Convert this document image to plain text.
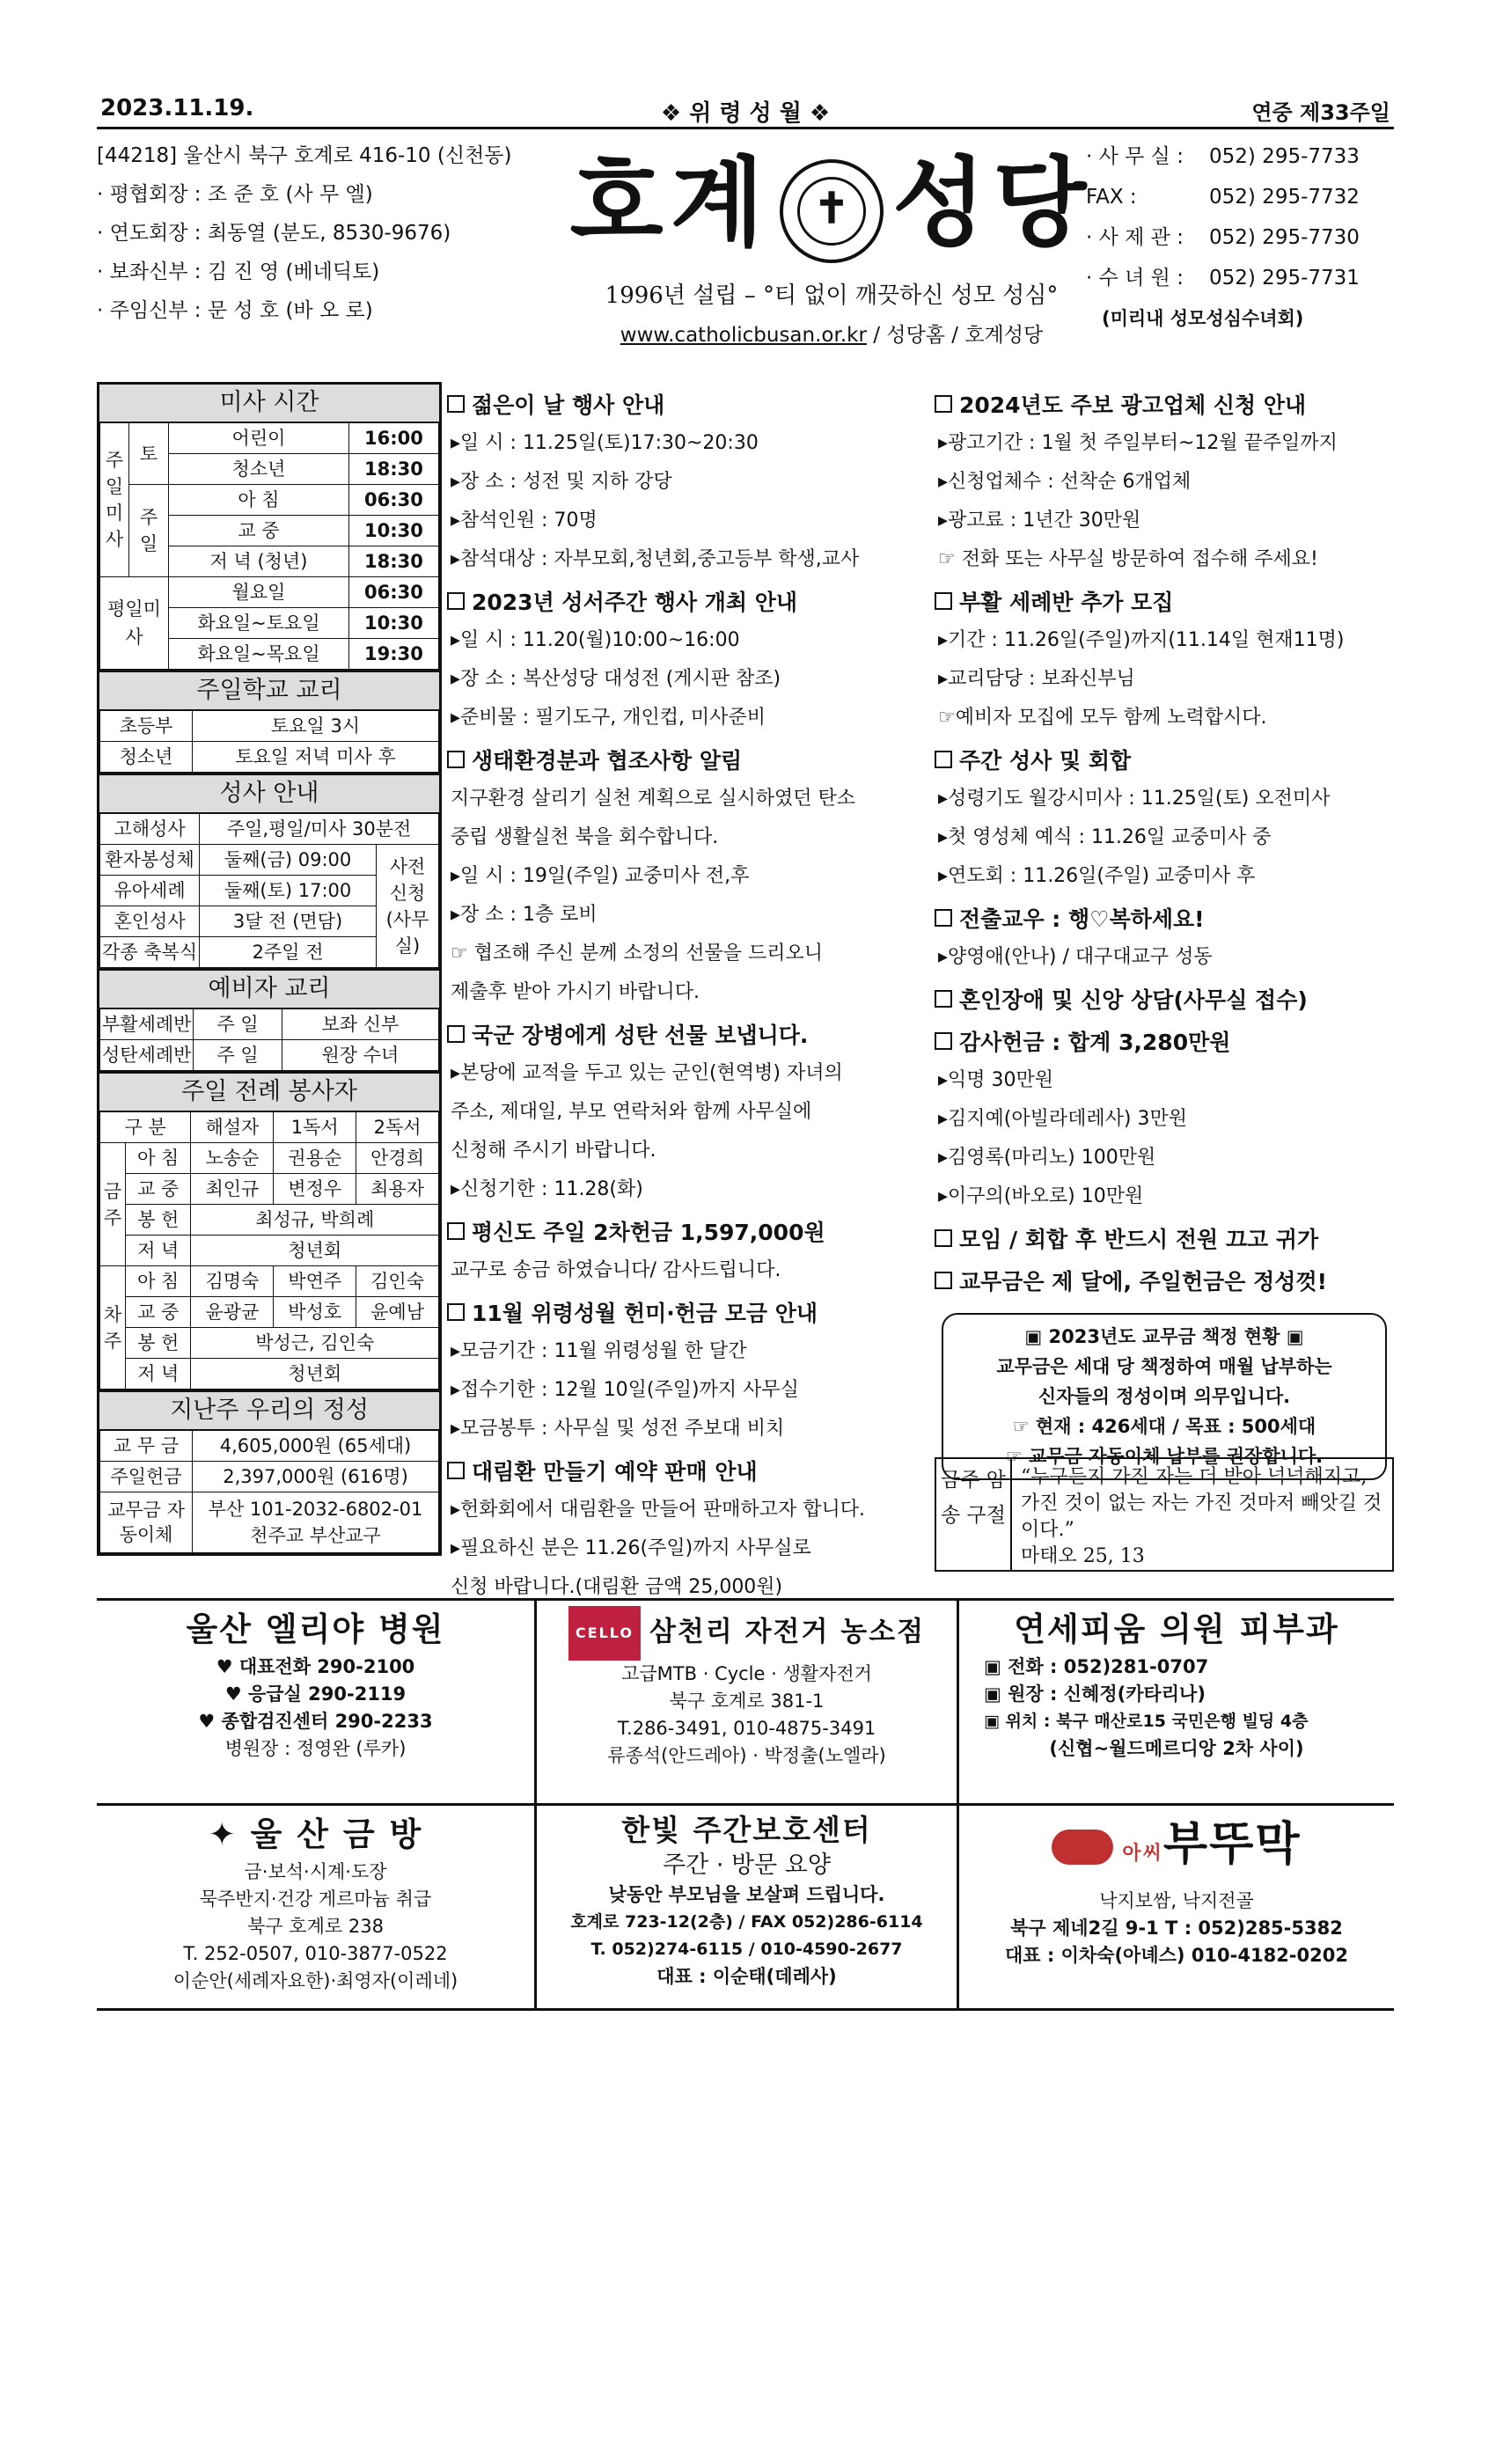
2023.11.19.	❖ 위 령 성 월 ❖	연중 제33주일
[44218] 울산시 북구 호계로 416-10 (신천동)
· 평협회장 : 조 준 호 (사 무 엘)
· 연도회장 : 최동열 (분도, 8530-9676)
· 보좌신부 : 김 진 영 (베네딕토)
· 주임신부 : 문 성 호 (바 오 로)
호계	✝ 성당
1996년 설립 – °티 없이 깨끗하신 성모 성심°
www.catholicbusan.or.kr / 성당홈 / 호계성당
· 사 무 실 :	052) 295-7733
FAX :	052) 295-7732
· 사 제 관 :	052) 295-7730
· 수 녀 원 :	052) 295-7731
(미리내 성모성심수녀회)
미사 시간
주일미사	토	어린이	16:00
		청소년	18:30
	주일	아 침	06:30
		교 중	10:30
		저 녁 (청년)	18:30
평일미사		월요일	06:30
		화요일~토요일	10:30
		화요일~목요일	19:30
주일학교 교리
초등부	토요일 3시
청소년	토요일 저녁 미사 후
성사 안내
고해성사	주일,평일/미사 30분전	
환자봉성체	둘째(금) 09:00	사전 신청 (사무실)
유아세례	둘째(토) 17:00	
혼인성사	3달 전 (면담)	
각종 축복식	2주일 전	
예비자 교리
부활세례반	주 일	보좌 신부
성탄세례반	주 일	원장 수녀
주일 전례 봉사자
구 분		해설자	1독서	2독서
금주	아 침	노송순	권용순	안경희
	교 중	최인규	변정우	최용자
	봉 헌	최성규, 박희례		
	저 녁	청년회		
차주	아 침	김명숙	박연주	김인숙
	교 중	윤광균	박성호	윤예남
	봉 헌	박성근, 김인숙		
	저 녁	청년회		
지난주 우리의 정성
교 무 금	4,605,000원 (65세대)
주일헌금	2,397,000원 (616명)
교무금 자동이체	부산 101-2032-6802-01
천주교 부산교구
젊은이 날 행사 안내
▸일 시 : 11.25일(토)17:30~20:30
▸장 소 : 성전 및 지하 강당
▸참석인원 : 70명
▸참석대상 : 자부모회,청년회,중고등부 학생,교사
2023년 성서주간 행사 개최 안내
▸일 시 : 11.20(월)10:00~16:00
▸장 소 : 복산성당 대성전 (게시판 참조)
▸준비물 : 필기도구, 개인컵, 미사준비
생태환경분과 협조사항 알림
지구환경 살리기 실천 계획으로 실시하였던 탄소
중립 생활실천 북을 회수합니다.
▸일 시 : 19일(주일) 교중미사 전,후
▸장 소 : 1층 로비
☞ 협조해 주신 분께 소정의 선물을 드리오니
제출후 받아 가시기 바랍니다.
국군 장병에게 성탄 선물 보냅니다.
▸본당에 교적을 두고 있는 군인(현역병) 자녀의
주소, 제대일, 부모 연락처와 함께 사무실에
신청해 주시기 바랍니다.
▸신청기한 : 11.28(화)
평신도 주일 2차헌금 1,597,000원
교구로 송금 하였습니다/ 감사드립니다.
11월 위령성월 헌미·헌금 모금 안내
▸모금기간 : 11월 위령성월 한 달간
▸접수기한 : 12월 10일(주일)까지 사무실
▸모금봉투 : 사무실 및 성전 주보대 비치
대림환 만들기 예약 판매 안내
▸헌화회에서 대림환을 만들어 판매하고자 합니다.
▸필요하신 분은 11.26(주일)까지 사무실로
신청 바랍니다.(대림환 금액 25,000원)
2024년도 주보 광고업체 신청 안내
▸광고기간 : 1월 첫 주일부터~12월 끝주일까지
▸신청업체수 : 선착순 6개업체
▸광고료 : 1년간 30만원
☞ 전화 또는 사무실 방문하여 접수해 주세요!
부활 세례반 추가 모집
▸기간 : 11.26일(주일)까지(11.14일 현재11명)
▸교리담당 : 보좌신부님
☞예비자 모집에 모두 함께 노력합시다.
주간 성사 및 회합
▸성령기도 월강시미사 : 11.25일(토) 오전미사
▸첫 영성체 예식 : 11.26일 교중미사 중
▸연도회 : 11.26일(주일) 교중미사 후
전출교우 : 행♡복하세요!
▸양영애(안나) / 대구대교구 성동
혼인장애 및 신앙 상담(사무실 접수)
감사헌금 : 합계 3,280만원
▸익명 30만원
▸김지예(아빌라데레사) 3만원
▸김영록(마리노) 100만원
▸이구의(바오로) 10만원
모임 / 회합 후 반드시 전원 끄고 귀가
교무금은 제 달에, 주일헌금은 정성껏!
▣ 2023년도 교무금 책정 현황 ▣
교무금은 세대 당 책정하여 매월 납부하는
신자들의 정성이며 의무입니다.
☞ 현재 : 426세대 / 목표 : 500세대
☞ 교무금 자동이체 납부를 권장합니다.
금주 암송 구절
“누구든지 가진 자는 더 받아 넉넉해지고, 가진 것이 없는 자는 가진 것마저 빼앗길 것이다.”
마태오 25, 13
울산 엘리야 병원
♥ 대표전화 290-2100
♥ 응급실 290-2119
♥ 종합검진센터 290-2233
병원장 : 정영완 (루카)
CELLO 삼천리 자전거 농소점
고급MTB · Cycle · 생활자전거
북구 호계로 381-1
T.286-3491, 010-4875-3491
류종석(안드레아) · 박정출(노엘라)
연세피움 의원 피부과
▣ 전화 : 052)281-0707
▣ 원장 : 신혜정(카타리나)
▣ 위치 : 북구 매산로15 국민은행 빌딩 4층
(신협~월드메르디앙 2차 사이)
✦ 울 산 금 방
금·보석·시계·도장
묵주반지·건강 게르마늄 취급
북구 호계로 238
T. 252-0507, 010-3877-0522
이순안(세례자요한)·최영자(이레네)
한빛 주간보호센터
주간 · 방문 요양
낮동안 부모님을 보살펴 드립니다.
호계로 723-12(2층) / FAX 052)286-6114
T. 052)274-6115 / 010-4590-2677
대표 : 이순태(데레사)
아씨부뚜막
낙지보쌈, 낙지전골
북구 제네2길 9-1 T : 052)285-5382
대표 : 이차숙(아녜스) 010-4182-0202
